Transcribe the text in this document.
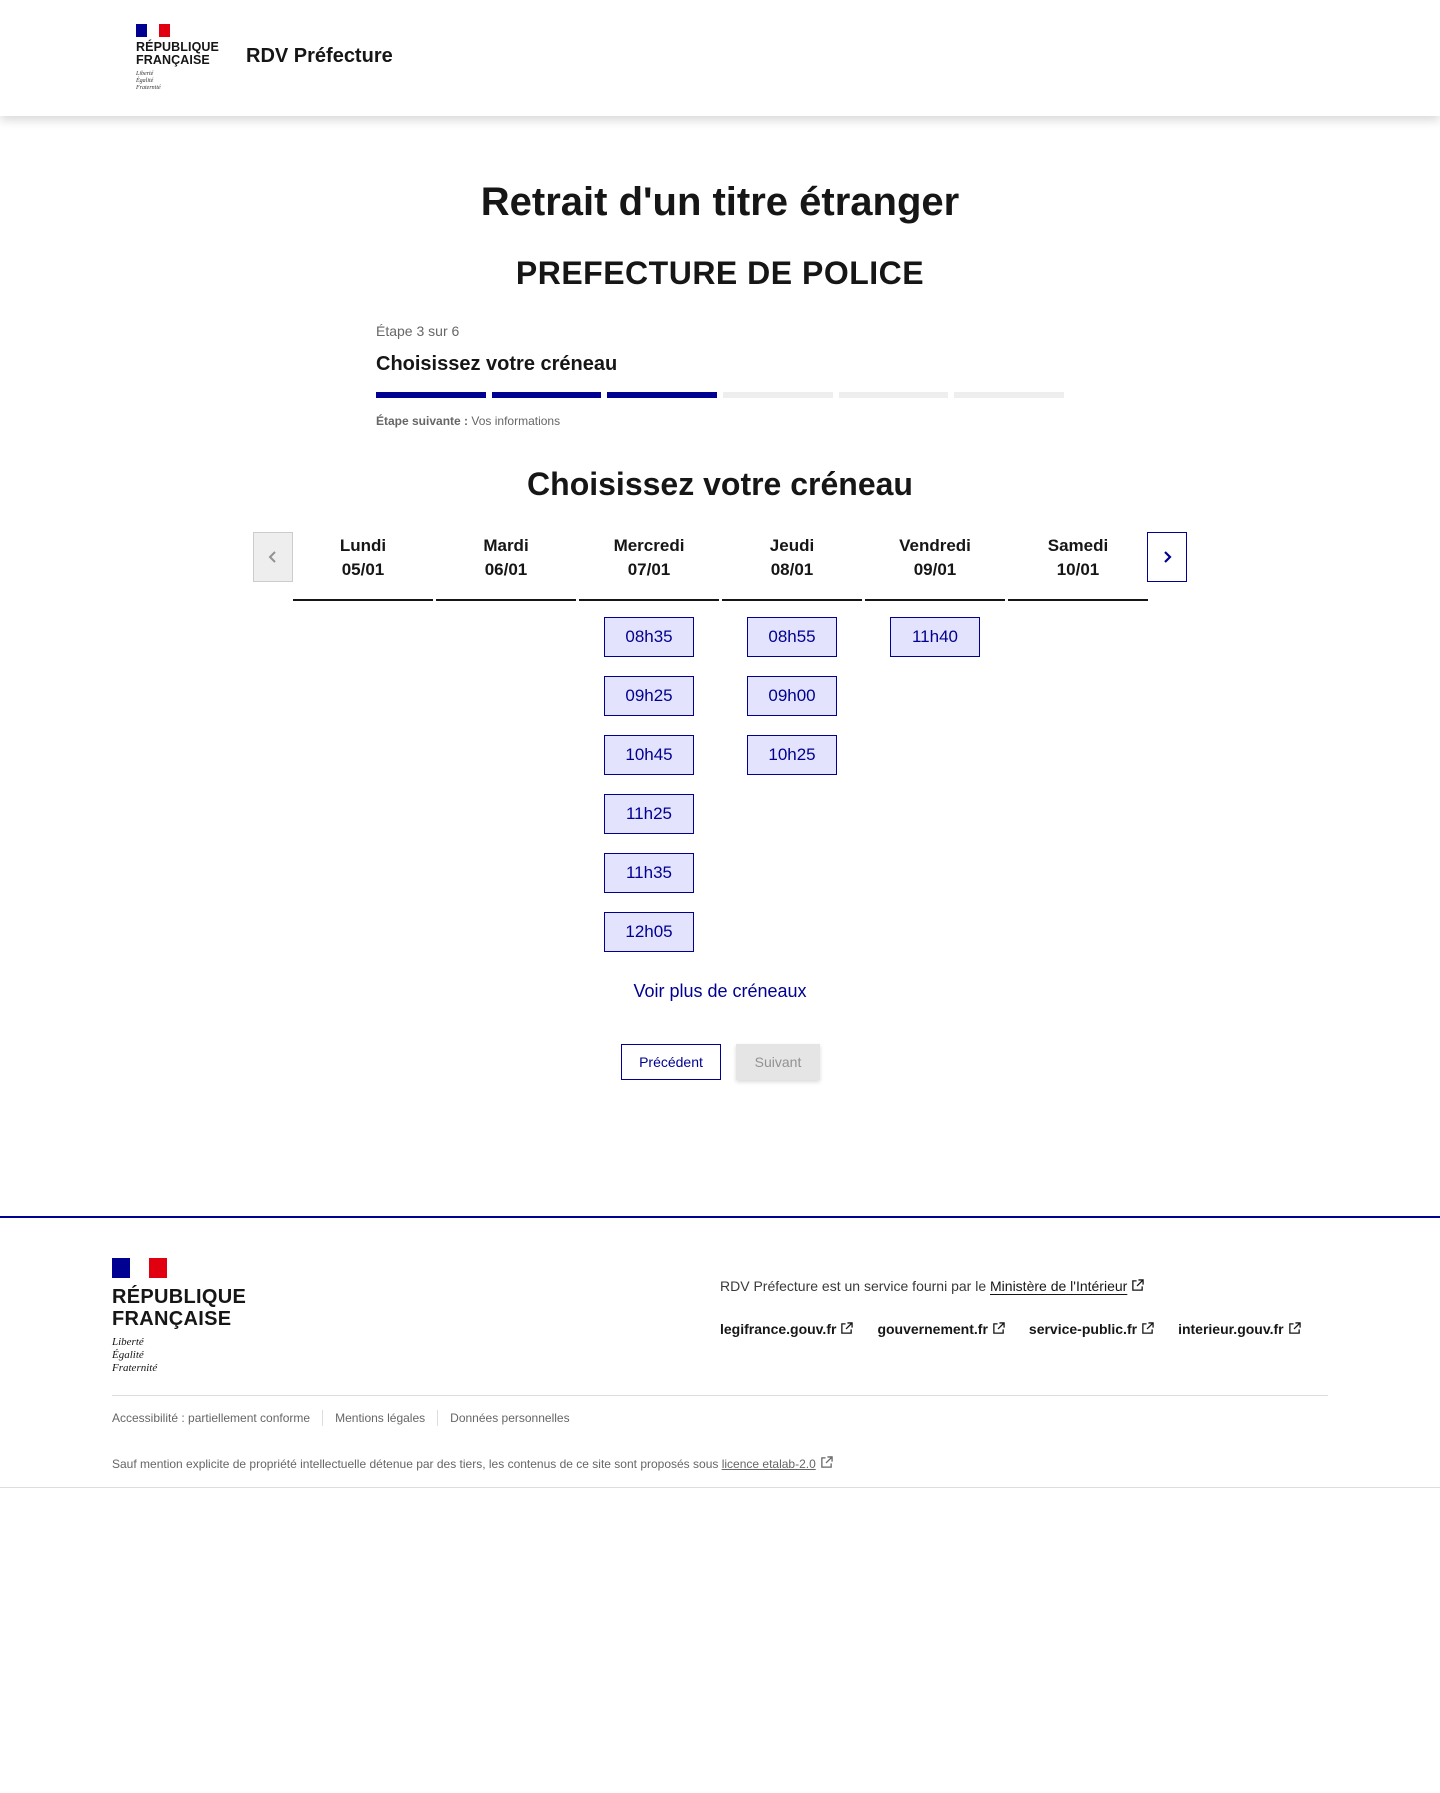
RÉPUBLIQUE
FRANÇAISE
Liberté
Égalité
Fraternité
RDV Préfecture
Retrait d'un titre étranger
PREFECTURE DE POLICE
Étape 3 sur 6
Choisissez votre créneau
Étape suivante : Vos informations
Choisissez votre créneau
Lundi
05/01
Mardi
06/01
Mercredi
07/01
08h35
09h25
10h45
11h25
11h35
12h05
Jeudi
08/01
08h55
09h00
10h25
Vendredi
09/01
11h40
Samedi
10/01
Voir plus de créneaux
Précédent	Suivant
RÉPUBLIQUE
FRANÇAISE
Liberté
Égalité
Fraternité
RDV Préfecture est un service fourni par le Ministère de l'Intérieur
legifrance.gouv.fr	gouvernement.fr	service-public.fr	interieur.gouv.fr
Accessibilité : partiellement conforme	Mentions légales	Données personnelles
Sauf mention explicite de propriété intellectuelle détenue par des tiers, les contenus de ce site sont proposés sous licence etalab-2.0
